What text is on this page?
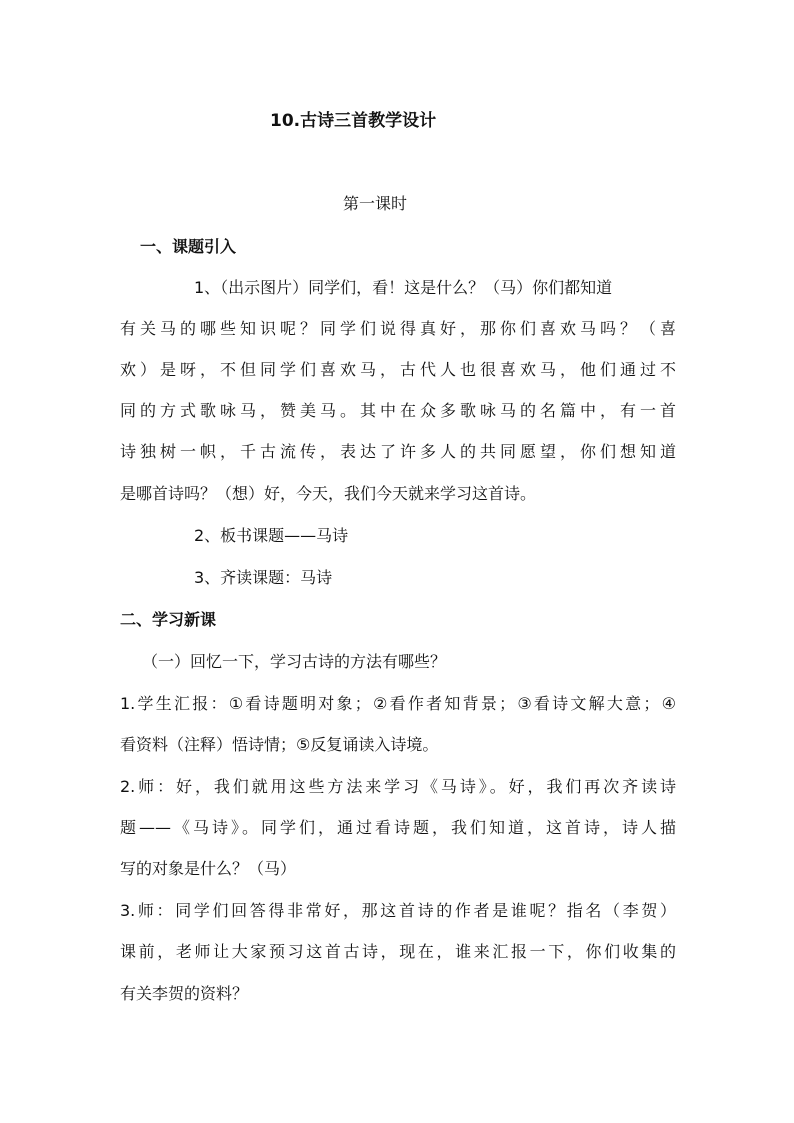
10.古诗三首教学设计
第一课时
一、课题引入
1、（出示图片）同学们，看！这是什么？（马）你们都知道
有关马的哪些知识呢？同学们说得真好，那你们喜欢马吗？（喜
欢）是呀，不但同学们喜欢马，古代人也很喜欢马，他们通过不
同的方式歌咏马，赞美马。其中在众多歌咏马的名篇中，有一首
诗独树一帜，千古流传，表达了许多人的共同愿望，你们想知道
是哪首诗吗？（想）好，今天，我们今天就来学习这首诗。
2、板书课题——马诗
3、齐读课题：马诗
二、学习新课
（一）回忆一下，学习古诗的方法有哪些？
1.学生汇报：①看诗题明对象；②看作者知背景；③看诗文解大意；④
看资料（注释）悟诗情；⑤反复诵读入诗境。
2.师：好，我们就用这些方法来学习《马诗》。好，我们再次齐读诗
题——《马诗》。同学们，通过看诗题，我们知道，这首诗，诗人描
写的对象是什么？（马）
3.师：同学们回答得非常好，那这首诗的作者是谁呢？指名（李贺）
课前，老师让大家预习这首古诗，现在，谁来汇报一下，你们收集的
有关李贺的资料？
